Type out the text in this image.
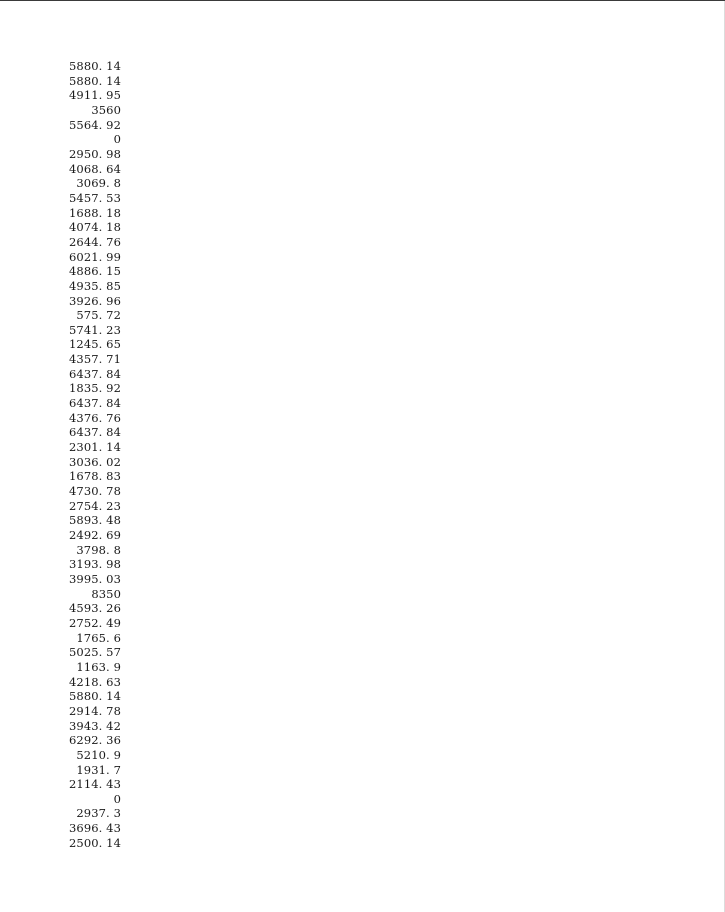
5880. 14
5880. 14
4911. 95
3560
5564. 92
0
2950. 98
4068. 64
3069. 8
5457. 53
1688. 18
4074. 18
2644. 76
6021. 99
4886. 15
4935. 85
3926. 96
575. 72
5741. 23
1245. 65
4357. 71
6437. 84
1835. 92
6437. 84
4376. 76
6437. 84
2301. 14
3036. 02
1678. 83
4730. 78
2754. 23
5893. 48
2492. 69
3798. 8
3193. 98
3995. 03
8350
4593. 26
2752. 49
1765. 6
5025. 57
1163. 9
4218. 63
5880. 14
2914. 78
3943. 42
6292. 36
5210. 9
1931. 7
2114. 43
0
2937. 3
3696. 43
2500. 14
